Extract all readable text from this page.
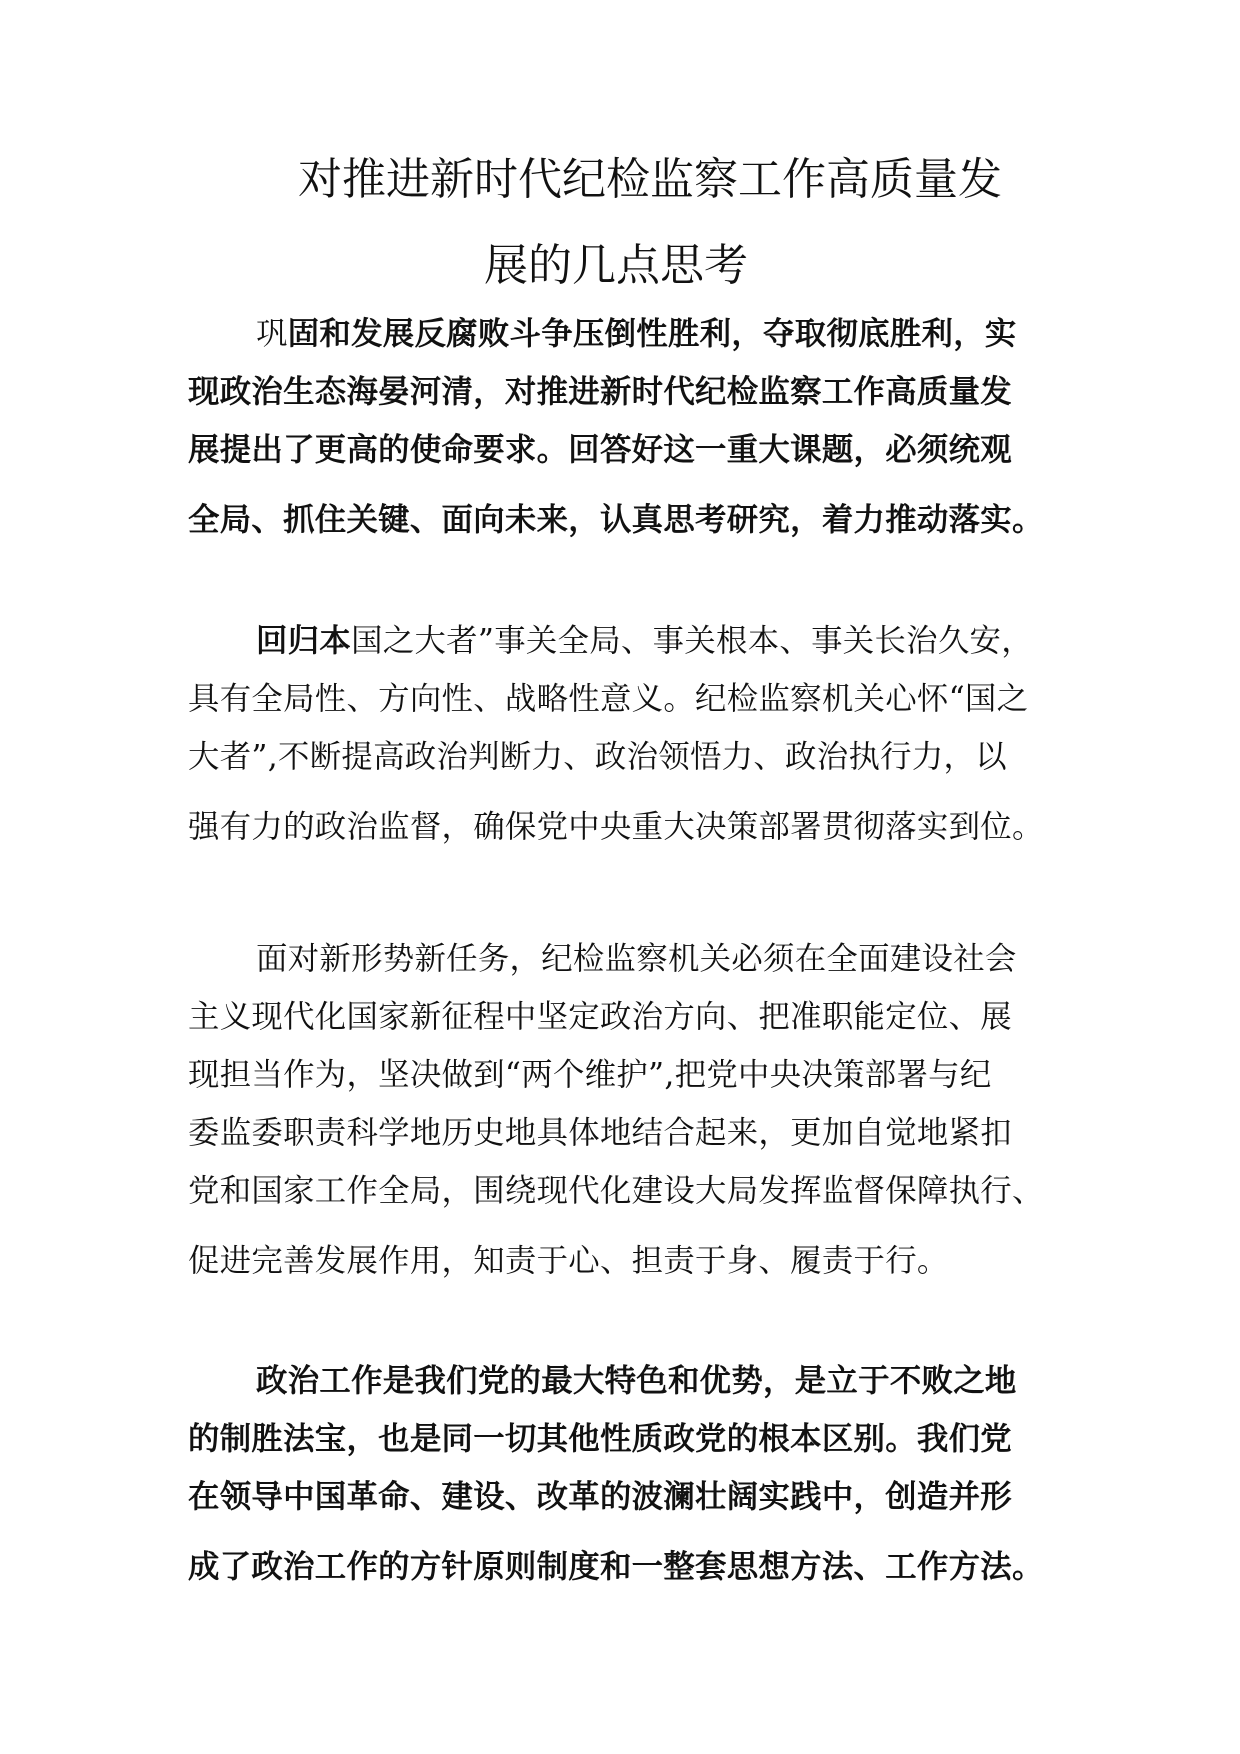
对推进新时代纪检监察工作高质量发
展的几点思考
巩固和发展反腐败斗争压倒性胜利，夺取彻底胜利，实
现政治生态海晏河清，对推进新时代纪检监察工作高质量发
展提出了更高的使命要求。回答好这一重大课题，必须统观
全局、抓住关键、面向未来，认真思考研究，着力推动落实。
回归本国之大者”事关全局、事关根本、事关长治久安，
具有全局性、方向性、战略性意义。纪检监察机关心怀“国之
大者”,不断提高政治判断力、政治领悟力、政治执行力，以
强有力的政治监督，确保党中央重大决策部署贯彻落实到位。
面对新形势新任务，纪检监察机关必须在全面建设社会
主义现代化国家新征程中坚定政治方向、把准职能定位、展
现担当作为，坚决做到“两个维护”,把党中央决策部署与纪
委监委职责科学地历史地具体地结合起来，更加自觉地紧扣
党和国家工作全局，围绕现代化建设大局发挥监督保障执行、
促进完善发展作用，知责于心、担责于身、履责于行。
政治工作是我们党的最大特色和优势，是立于不败之地
的制胜法宝，也是同一切其他性质政党的根本区别。我们党
在领导中国革命、建设、改革的波澜壮阔实践中，创造并形
成了政治工作的方针原则制度和一整套思想方法、工作方法。
